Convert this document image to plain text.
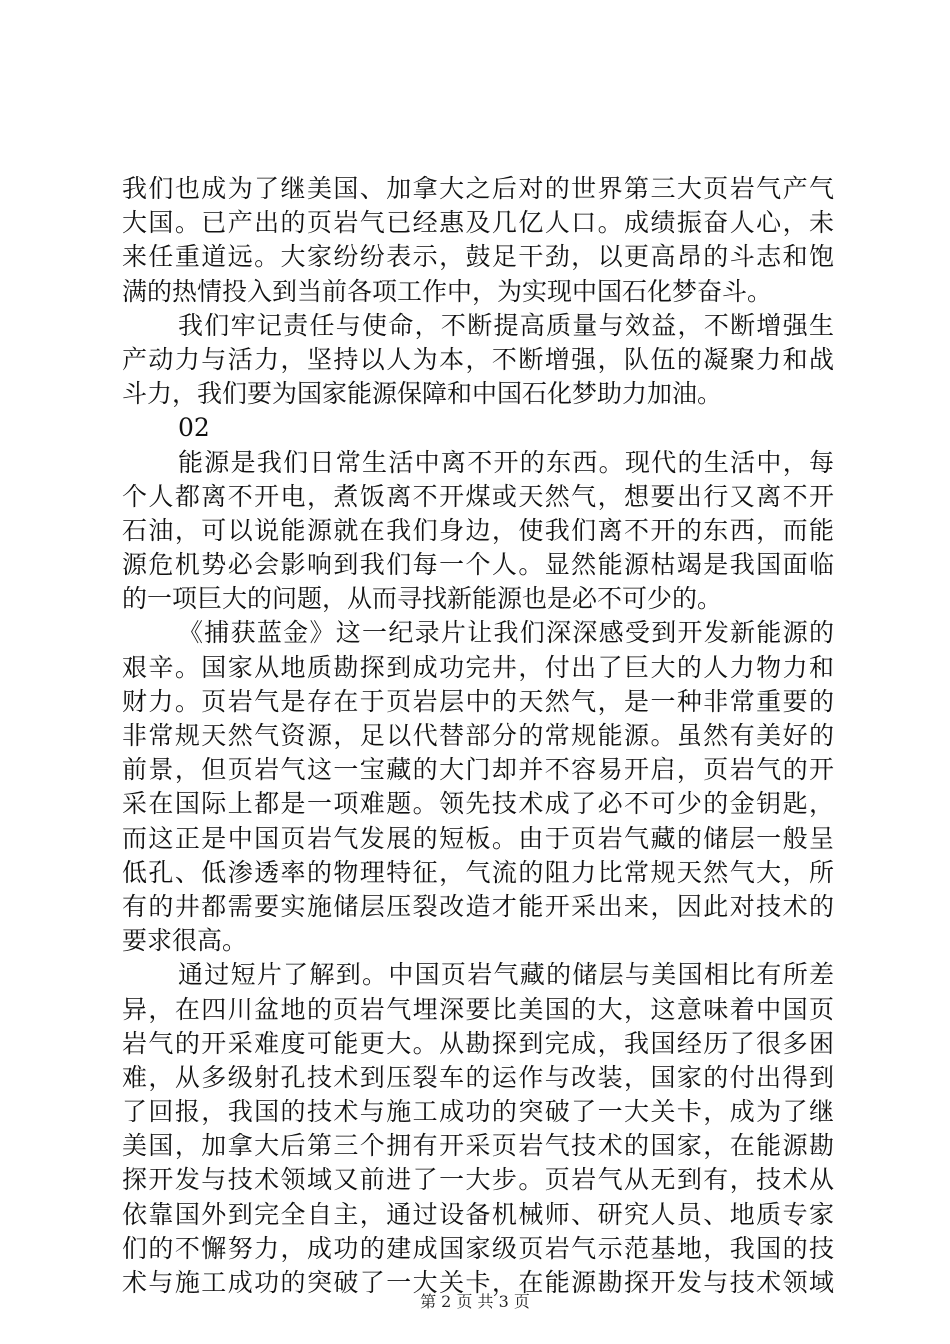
我们也成为了继美国、加拿大之后对的世界第三大页岩气产气
大国。已产出的页岩气已经惠及几亿人口。成绩振奋人心，未
来任重道远。大家纷纷表示，鼓足干劲，以更高昂的斗志和饱
满的热情投入到当前各项工作中，为实现中国石化梦奋斗。
我们牢记责任与使命，不断提高质量与效益，不断增强生
产动力与活力，坚持以人为本，不断增强，队伍的凝聚力和战
斗力，我们要为国家能源保障和中国石化梦助力加油。
02
能源是我们日常生活中离不开的东西。现代的生活中，每
个人都离不开电，煮饭离不开煤或天然气，想要出行又离不开
石油，可以说能源就在我们身边，使我们离不开的东西，而能
源危机势必会影响到我们每一个人。显然能源枯竭是我国面临
的一项巨大的问题，从而寻找新能源也是必不可少的。
《捕获蓝金》这一纪录片让我们深深感受到开发新能源的
艰辛。国家从地质勘探到成功完井，付出了巨大的人力物力和
财力。页岩气是存在于页岩层中的天然气，是一种非常重要的
非常规天然气资源，足以代替部分的常规能源。虽然有美好的
前景，但页岩气这一宝藏的大门却并不容易开启，页岩气的开
采在国际上都是一项难题。领先技术成了必不可少的金钥匙，
而这正是中国页岩气发展的短板。由于页岩气藏的储层一般呈
低孔、低渗透率的物理特征，气流的阻力比常规天然气大，所
有的井都需要实施储层压裂改造才能开采出来，因此对技术的
要求很高。
通过短片了解到。中国页岩气藏的储层与美国相比有所差
异，在四川盆地的页岩气埋深要比美国的大，这意味着中国页
岩气的开采难度可能更大。从勘探到完成，我国经历了很多困
难，从多级射孔技术到压裂车的运作与改装，国家的付出得到
了回报，我国的技术与施工成功的突破了一大关卡，成为了继
美国，加拿大后第三个拥有开采页岩气技术的国家，在能源勘
探开发与技术领域又前进了一大步。页岩气从无到有，技术从
依靠国外到完全自主，通过设备机械师、研究人员、地质专家
们的不懈努力，成功的建成国家级页岩气示范基地，我国的技
术与施工成功的突破了一大关卡，在能源勘探开发与技术领域
第 2 页 共 3 页
